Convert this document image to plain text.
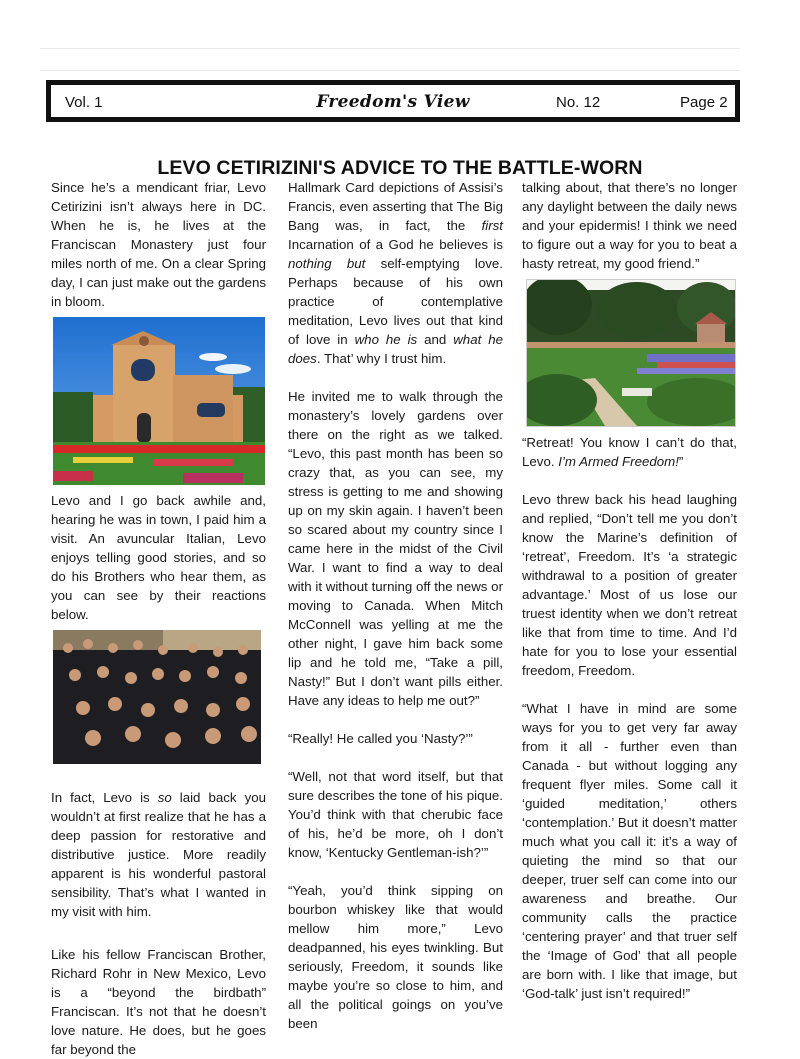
Vol. 1	Freedom's View	No. 12	Page 2
LEVO CETIRIZINI'S ADVICE TO THE BATTLE-WORN

Since he’s a mendicant friar, Levo Cetirizini isn’t always here in DC. When he is, he lives at the Franciscan Monastery just four miles north of me. On a clear Spring day, I can just make out the gardens in bloom.

Levo and I go back awhile and, hearing he was in town, I paid him a visit. An avuncular Italian, Levo enjoys telling good stories, and so do his Brothers who hear them, as you can see by their reactions below.

In fact, Levo is so laid back you wouldn’t at first realize that he has a deep passion for restorative and distributive justice. More readily apparent is his wonderful pastoral sensibility. That’s what I wanted in my visit with him.

Like his fellow Franciscan Brother, Richard Rohr in New Mexico, Levo is a “beyond the birdbath” Franciscan. It’s not that he doesn’t love nature. He does, but he goes far beyond the

Hallmark Card depictions of Assisi’s Francis, even asserting that The Big Bang was, in fact, the first Incarnation of a God he believes is nothing but self-emptying love. Perhaps because of his own practice of contemplative meditation, Levo lives out that kind of love in who he is and what he does. That’ why I trust him.

He invited me to walk through the monastery’s lovely gardens over there on the right as we talked. “Levo, this past month has been so crazy that, as you can see, my stress is getting to me and showing up on my skin again. I haven’t been so scared about my country since I came here in the midst of the Civil War. I want to find a way to deal with it without turning off the news or moving to Canada. When Mitch McConnell was yelling at me the other night, I gave him back some lip and he told me, “Take a pill, Nasty!” But I don’t want pills either. Have any ideas to help me out?”

“Really! He called you ‘Nasty?’”

“Well, not that word itself, but that sure describes the tone of his pique. You’d think with that cherubic face of his, he’d be more, oh I don’t know, ‘Kentucky Gentleman-ish?’”

“Yeah, you’d think sipping on bourbon whiskey like that would mellow him more,” Levo deadpanned, his eyes twinkling. But seriously, Freedom, it sounds like maybe you’re so close to him, and all the political goings on you’ve been

talking about, that there’s no longer any daylight between the daily news and your epidermis! I think we need to figure out a way for you to beat a hasty retreat, my good friend.”

“Retreat! You know I can’t do that, Levo. I’m Armed Freedom!”

Levo threw back his head laughing and replied, “Don’t tell me you don’t know the Marine’s definition of ‘retreat’, Freedom. It’s ‘a strategic withdrawal to a position of greater advantage.’ Most of us lose our truest identity when we don’t retreat like that from time to time. And I’d hate for you to lose your essential freedom, Freedom.

“What I have in mind are some ways for you to get very far away from it all - further even than Canada - but without logging any frequent flyer miles. Some call it ‘guided meditation,’ others ‘contemplation.’ But it doesn’t matter much what you call it: it’s a way of quieting the mind so that our deeper, truer self can come into our awareness and breathe. Our community calls the practice ‘centering prayer’ and that truer self the ‘Image of God’ that all people are born with. I like that image, but ‘God-talk’ just isn’t required!”
